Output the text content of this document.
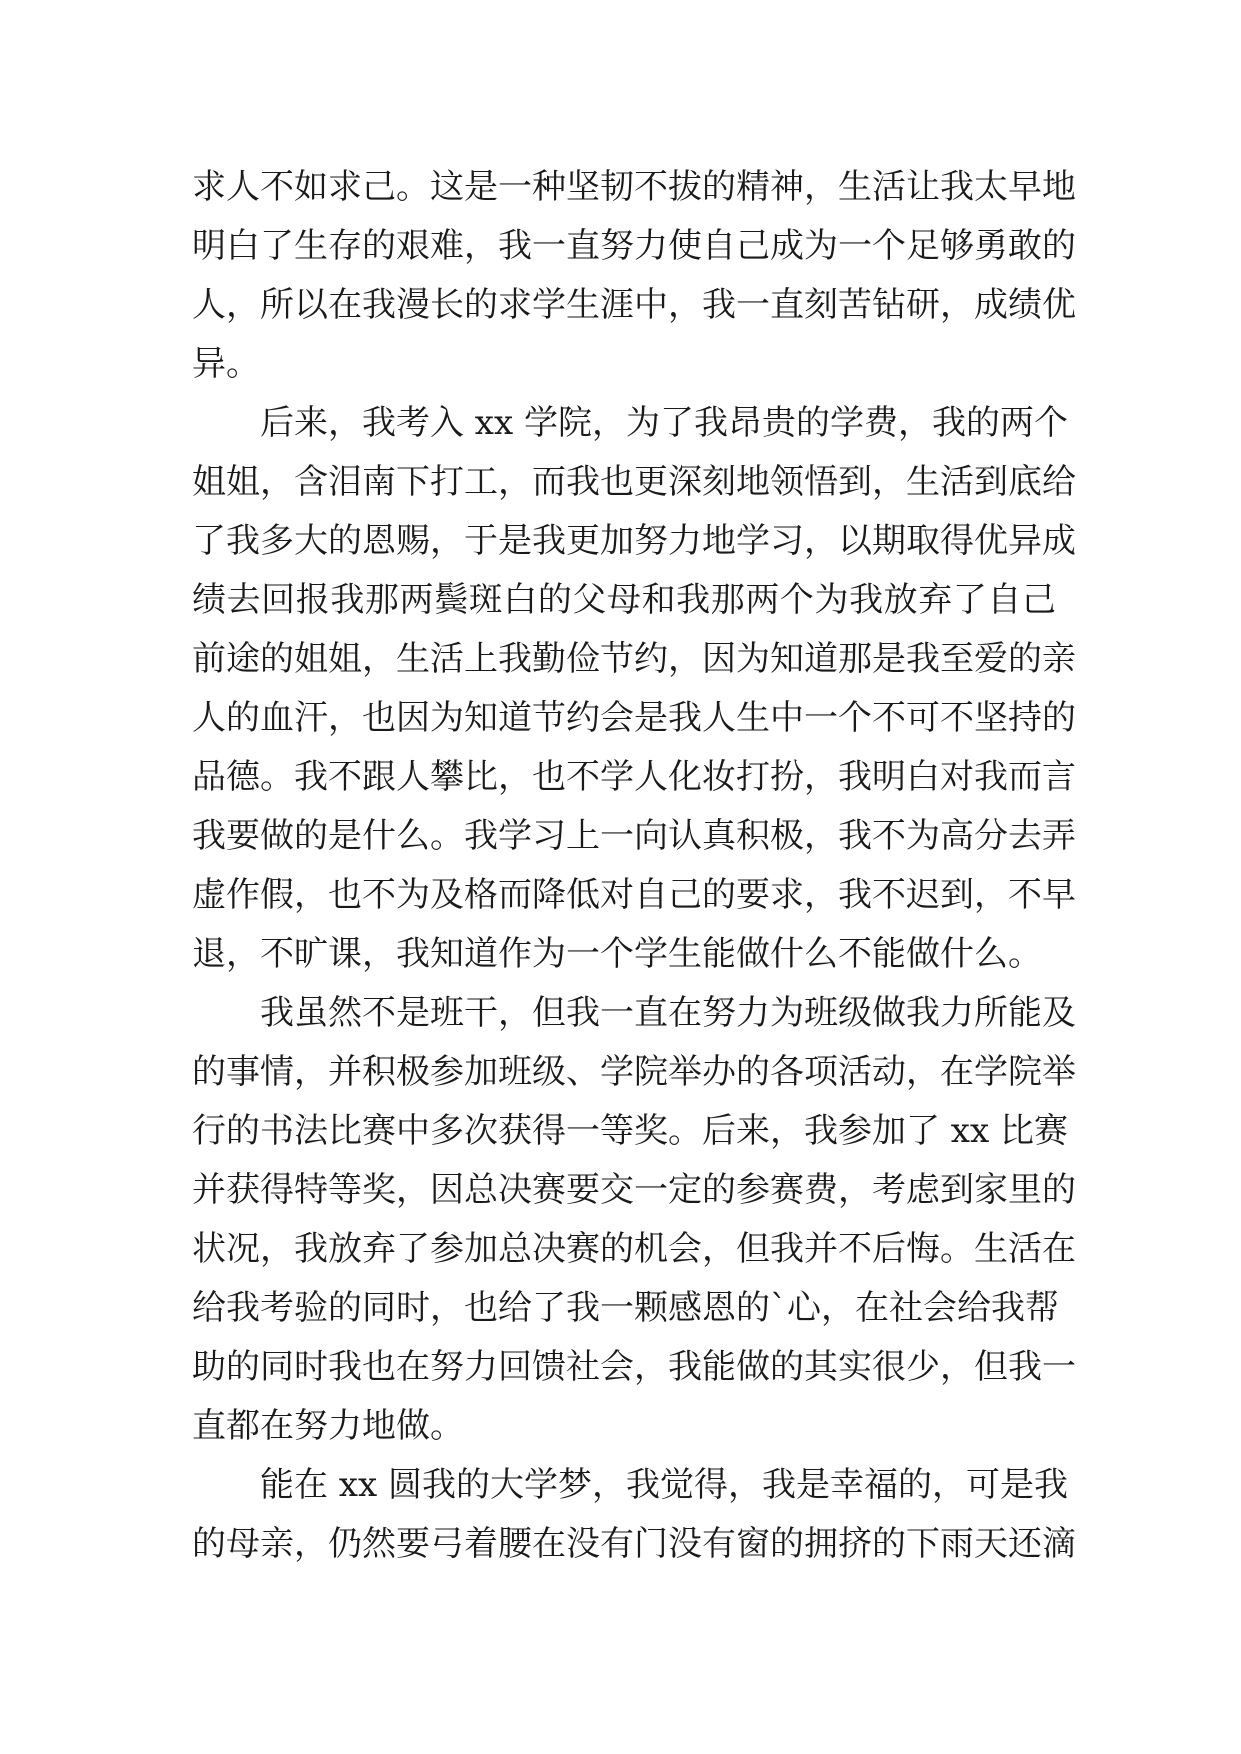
求人不如求己。这是一种坚韧不拔的精神，生活让我太早地
明白了生存的艰难，我一直努力使自己成为一个足够勇敢的
人，所以在我漫长的求学生涯中，我一直刻苦钻研，成绩优
异。
后来，我考入 xx 学院，为了我昂贵的学费，我的两个
姐姐，含泪南下打工，而我也更深刻地领悟到，生活到底给
了我多大的恩赐，于是我更加努力地学习，以期取得优异成
绩去回报我那两鬓斑白的父母和我那两个为我放弃了自己
前途的姐姐，生活上我勤俭节约，因为知道那是我至爱的亲
人的血汗，也因为知道节约会是我人生中一个不可不坚持的
品德。我不跟人攀比，也不学人化妆打扮，我明白对我而言
我要做的是什么。我学习上一向认真积极，我不为高分去弄
虚作假，也不为及格而降低对自己的要求，我不迟到，不早
退，不旷课，我知道作为一个学生能做什么不能做什么。
我虽然不是班干，但我一直在努力为班级做我力所能及
的事情，并积极参加班级、学院举办的各项活动，在学院举
行的书法比赛中多次获得一等奖。后来，我参加了 xx 比赛
并获得特等奖，因总决赛要交一定的参赛费，考虑到家里的
状况，我放弃了参加总决赛的机会，但我并不后悔。生活在
给我考验的同时，也给了我一颗感恩的`心，在社会给我帮
助的同时我也在努力回馈社会，我能做的其实很少，但我一
直都在努力地做。
能在 xx 圆我的大学梦，我觉得，我是幸福的，可是我
的母亲，仍然要弓着腰在没有门没有窗的拥挤的下雨天还滴
